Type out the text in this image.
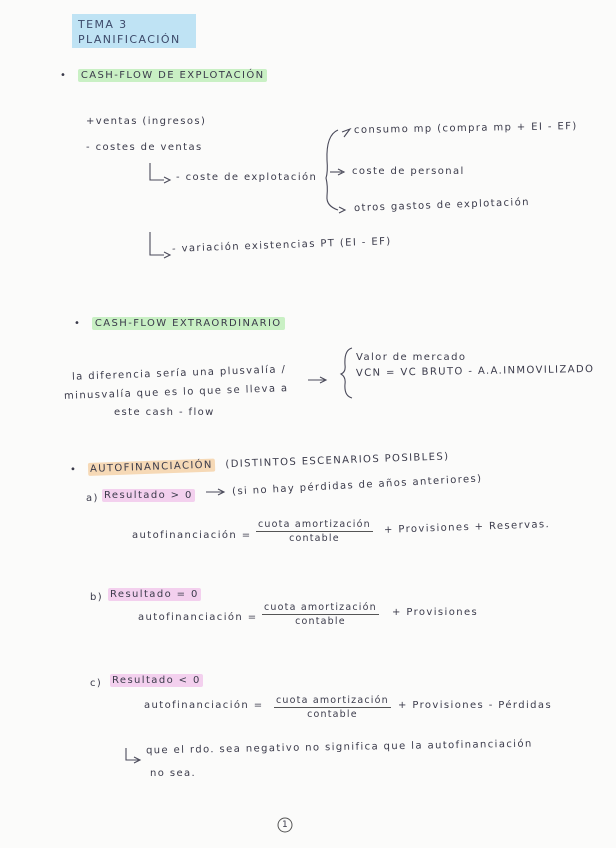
TEMA 3
PLANIFICACIÓN
• CASH-FLOW DE EXPLOTACIÓN
+ventas (ingresos)
- costes de ventas
- coste de explotación
consumo mp (compra mp + EI - EF)
coste de personal
otros gastos de explotación
- variación existencias PT (EI - EF)
• CASH-FLOW EXTRAORDINARIO
la diferencia sería una plusvalía /
minusvalía que es lo que se lleva a
este cash - flow
Valor de mercado
VCN = VC BRUTO - A.A.INMOVILIZADO
• AUTOFINANCIACIÓN (DISTINTOS ESCENARIOS POSIBLES)
a) Resultado > 0	(si no hay pérdidas de años anteriores)
autofinanciación =
cuota amortización
contable
+ Provisiones + Reservas.
b) Resultado = 0
autofinanciación =
cuota amortización
contable
+ Provisiones
c) Resultado < 0
autofinanciación = cuota amortización
contable
+ Provisiones - Pérdidas
que el rdo. sea negativo no significa que la autofinanciación
no sea.
1
